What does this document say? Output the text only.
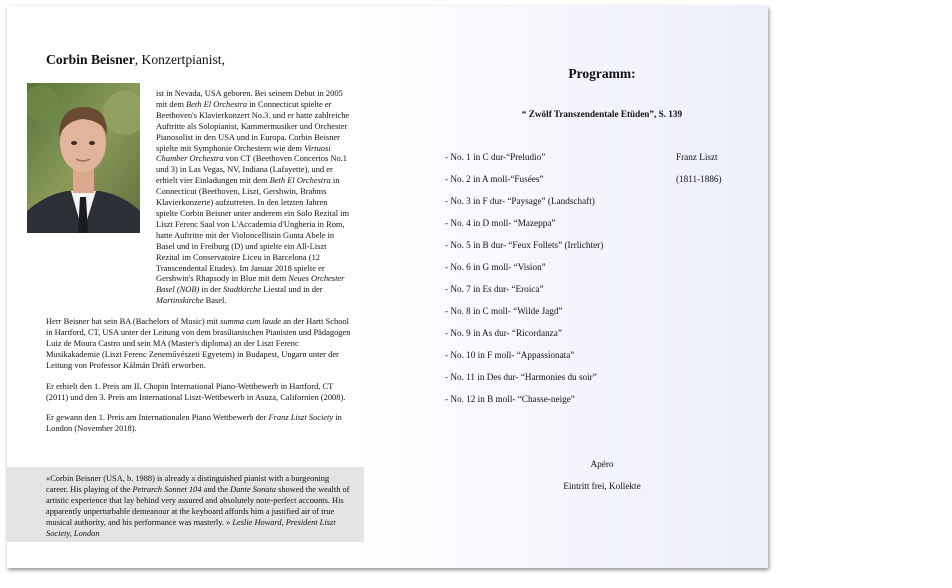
Corbin Beisner, Konzertpianist,

ist in Nevada, USA geboren. Bei seinem Debut in 2005 mit dem Beth El Orchestra in Connecticut spielte er Beethoven's Klavierkonzert No.3. und er hatte zahlreiche Auftritte als Solopianist, Kammermusiker und Orchester Pianosolist in den USA und in Europa. Corbin Beisner spielte mit Symphonie Orchestern wie dem Virtuosi Chamber Orchestra von CT (Beethoven Concertos No.1 und 3) in Las Vegas, NV, Indiana (Lafayette), und er erhielt vier Einladungen mit dem Beth El Orchestra in Connecticut (Beethoven, Liszt, Gershwin, Brahms Klavierkonzerte) aufzutreten. In den letzten Jahren spielte Corbin Beisner unter anderem ein Solo Rezital im Liszt Ferenc Saal von L'Accademia d'Ungheria in Rom, hatte Auftritte mit der Violoncellistin Gunta Abele in Basel und in Freiburg (D) und spielte ein All-Liszt Rezital im Conservatoire Liceu in Barcelona (12 Transcendental Etudes). Im Januar 2018 spielte er Gershwin's Rhapsody in Blue mit dem Neues Orchester Basel (NOB) in der Stadtkirche Liestal und in der Martinskirche Basel.

Herr Beisner hat sein BA (Bachelors of Music) mit summa cum laude an der Hartt School in Hartford, CT, USA unter der Leitung von dem brasilianischen Pianisten und Pädagogen Luiz de Moura Castro und sein MA (Master's diploma) an der Liszt Ferenc Musikakademie (Liszt Ferenc Zeneművészeti Egyetem) in Budapest, Ungarn unter der Leitung von Professor Kálmán Dráfi erworben.

Er erhielt den 1. Preis am II. Chopin International Piano-Wettbewerb in Hartford, CT (2011) und den 3. Preis am International Liszt-Wettbewerb in Asuza, Californien (2008).

Er gewann den 1. Preis am Internationalen Piano Wettbewerb der Franz Liszt Society in London (November 2018).

«Corbin Beisner (USA, b. 1988) is already a distinguished pianist with a burgeoning career. His playing of the Petrarch Sonnet 104 and the Dante Sonata showed the wealth of artistic experience that lay behind very assured and absolutely note-perfect accounts. His apparently unperturbable demeanour at the keyboard affords him a justified air of true musical authority, and his performance was masterly. » Leslie Howard, President Liszt Society, London

Programm:
“ Zwölf Transzendentale Etüden”, S. 139
- No. 1 in C dur-“Preludio”
- No. 2 in A moll-“Fusées”
- No. 3 in F dur- “Paysage” (Landschaft)
- No. 4 in D moll- “Mazeppa”
- No. 5 in B dur- “Feux Follets” (Irrlichter)
- No. 6 in G moll- “Vision”
- No. 7 in Es dur- “Eroica”
- No. 8 in C moll- “Wilde Jagd”
- No. 9 in As dur- “Ricordanza”
- No. 10 in F moll- “Appassionata”
- No. 11 in Des dur- “Harmonies du soir”
- No. 12 in B moll- “Chasse-neige”
Franz Liszt
(1811-1886)
Apéro
Eintritt frei, Kollekte
